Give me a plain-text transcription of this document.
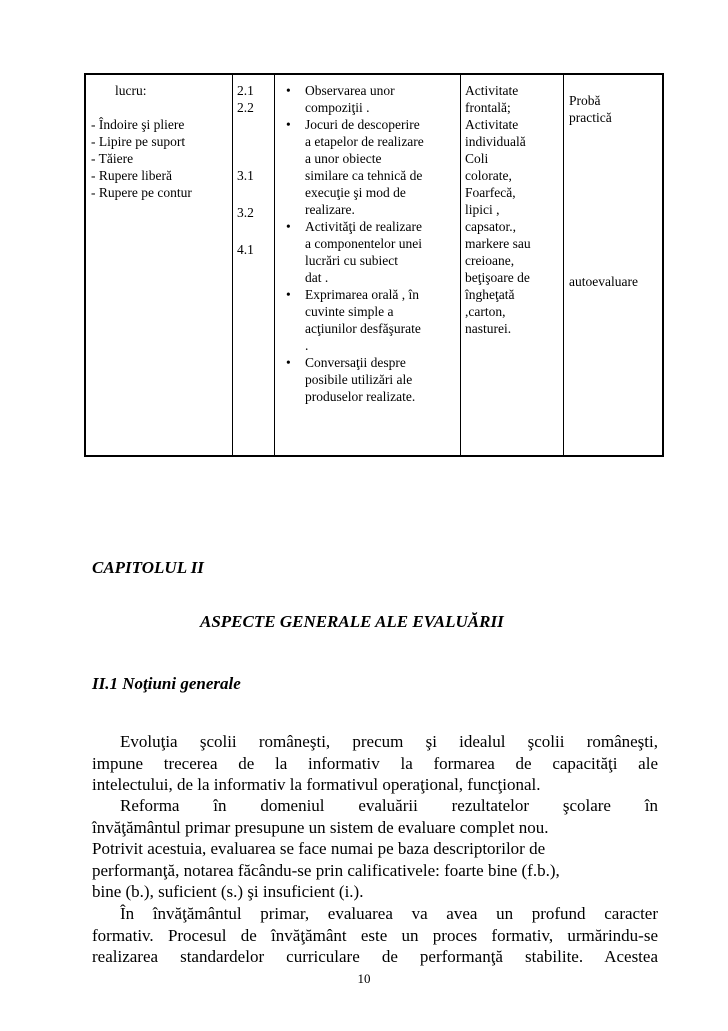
lucru:

- Îndoire şi pliere

- Lipire pe suport

- Tăiere

- Rupere liberă

- Rupere pe contur

2.1

2.2

3.1

3.2

4.1

• Observarea unor
compoziţii .
• Jocuri de descoperire
a etapelor de realizare
a unor obiecte
similare ca tehnică de
execuţie şi mod de
realizare.
• Activităţi de realizare
a componentelor unei
lucrări cu subiect
dat .
• Exprimarea orală , în
cuvinte simple a
acţiunilor desfăşurate
.
• Conversaţii despre
posibile utilizări ale
produselor realizate.

Activitate

frontală;

Activitate

individuală

Coli

colorate,

Foarfecă,

lipici ,

capsator.,

markere sau

creioane,

beţişoare de

îngheţată

,carton,

nasturei.

Probă

practică

autoevaluare

CAPITOLUL II
ASPECTE GENERALE ALE EVALUĂRII
II.1 Noţiuni generale
Evoluţia şcolii româneşti, precum şi idealul şcolii româneşti,
impune trecerea de la informativ la formarea de capacităţi ale
intelectului, de la informativ la formativul operaţional, funcţional.
Reforma în domeniul evaluării rezultatelor şcolare în
învăţământul primar presupune un sistem de evaluare complet nou.
Potrivit acestuia, evaluarea se face numai pe baza descriptorilor de
performanţă, notarea făcându-se prin calificativele: foarte bine (f.b.),
bine (b.), suficient (s.) şi insuficient (i.).
În învăţământul primar, evaluarea va avea un profund caracter
formativ. Procesul de învăţământ este un proces formativ, urmărindu-se
realizarea standardelor curriculare de performanţă stabilite. Acestea
10
